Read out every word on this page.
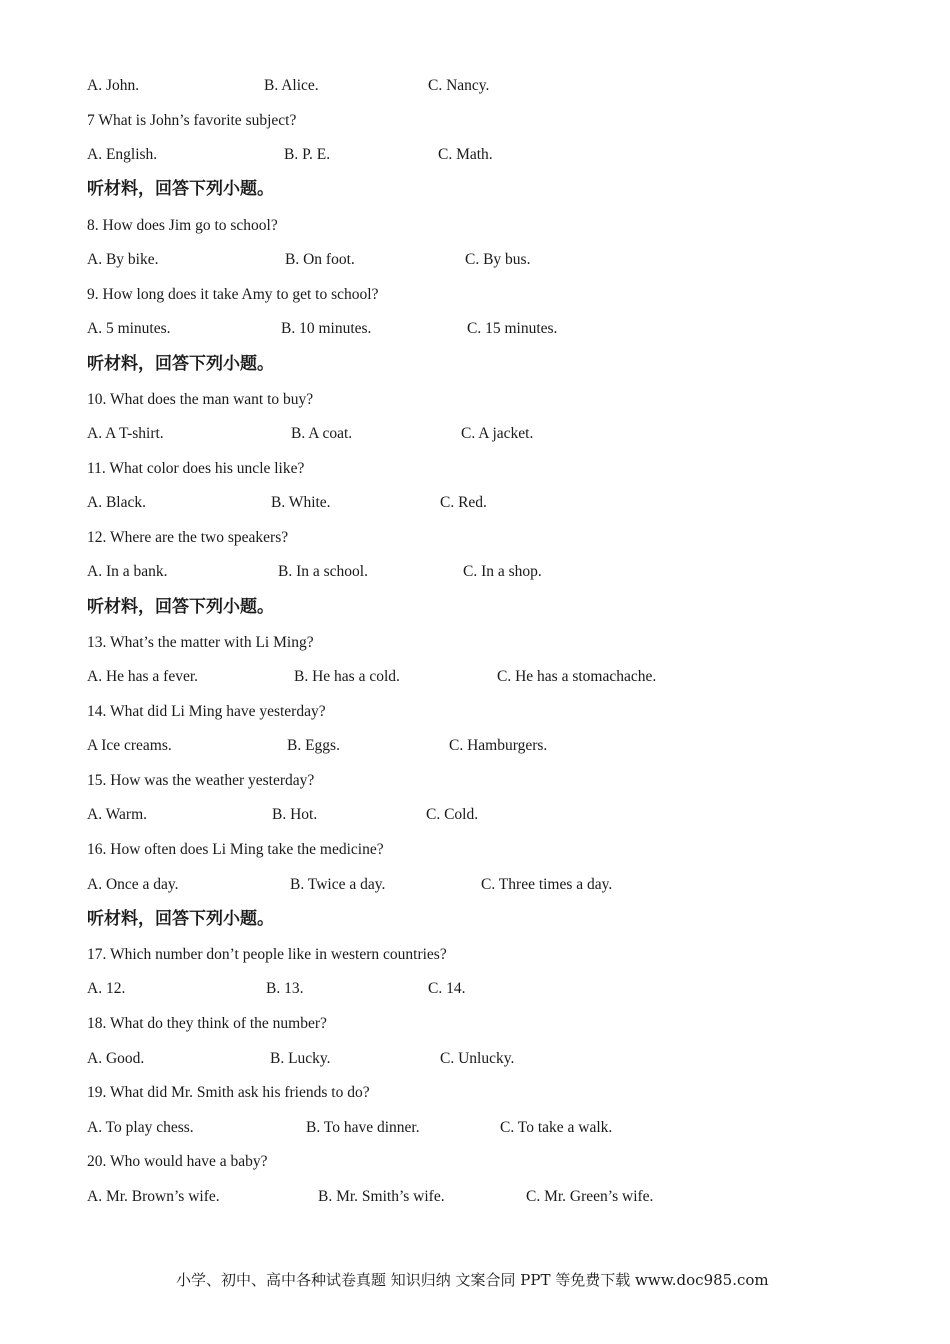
A. John.	B. Alice.	C. Nancy.
7 What is John’s favorite subject?
A. English.	B. P. E.	C. Math.
听材料，回答下列小题。
8. How does Jim go to school?
A. By bike.	B. On foot.	C. By bus.
9. How long does it take Amy to get to school?
A. 5 minutes.	B. 10 minutes.	C. 15 minutes.
听材料，回答下列小题。
10. What does the man want to buy?
A. A T-shirt.	B. A coat.	C. A jacket.
11. What color does his uncle like?
A. Black.	B. White.	C. Red.
12. Where are the two speakers?
A. In a bank.	B. In a school.	C. In a shop.
听材料，回答下列小题。
13. What’s the matter with Li Ming?
A. He has a fever.	B. He has a cold.	C. He has a stomachache.
14. What did Li Ming have yesterday?
A Ice creams.	B. Eggs.	C. Hamburgers.
15. How was the weather yesterday?
A. Warm.	B. Hot.	C. Cold.
16. How often does Li Ming take the medicine?
A. Once a day.	B. Twice a day.	C. Three times a day.
听材料，回答下列小题。
17. Which number don’t people like in western countries?
A. 12.	B. 13.	C. 14.
18. What do they think of the number?
A. Good.	B. Lucky.	C. Unlucky.
19. What did Mr. Smith ask his friends to do?
A. To play chess.	B. To have dinner.	C. To take a walk.
20. Who would have a baby?
A. Mr. Brown’s wife.	B. Mr. Smith’s wife.	C. Mr. Green’s wife.
小学、初中、高中各种试卷真题 知识归纳 文案合同 PPT 等免费下载 www.doc985.com
